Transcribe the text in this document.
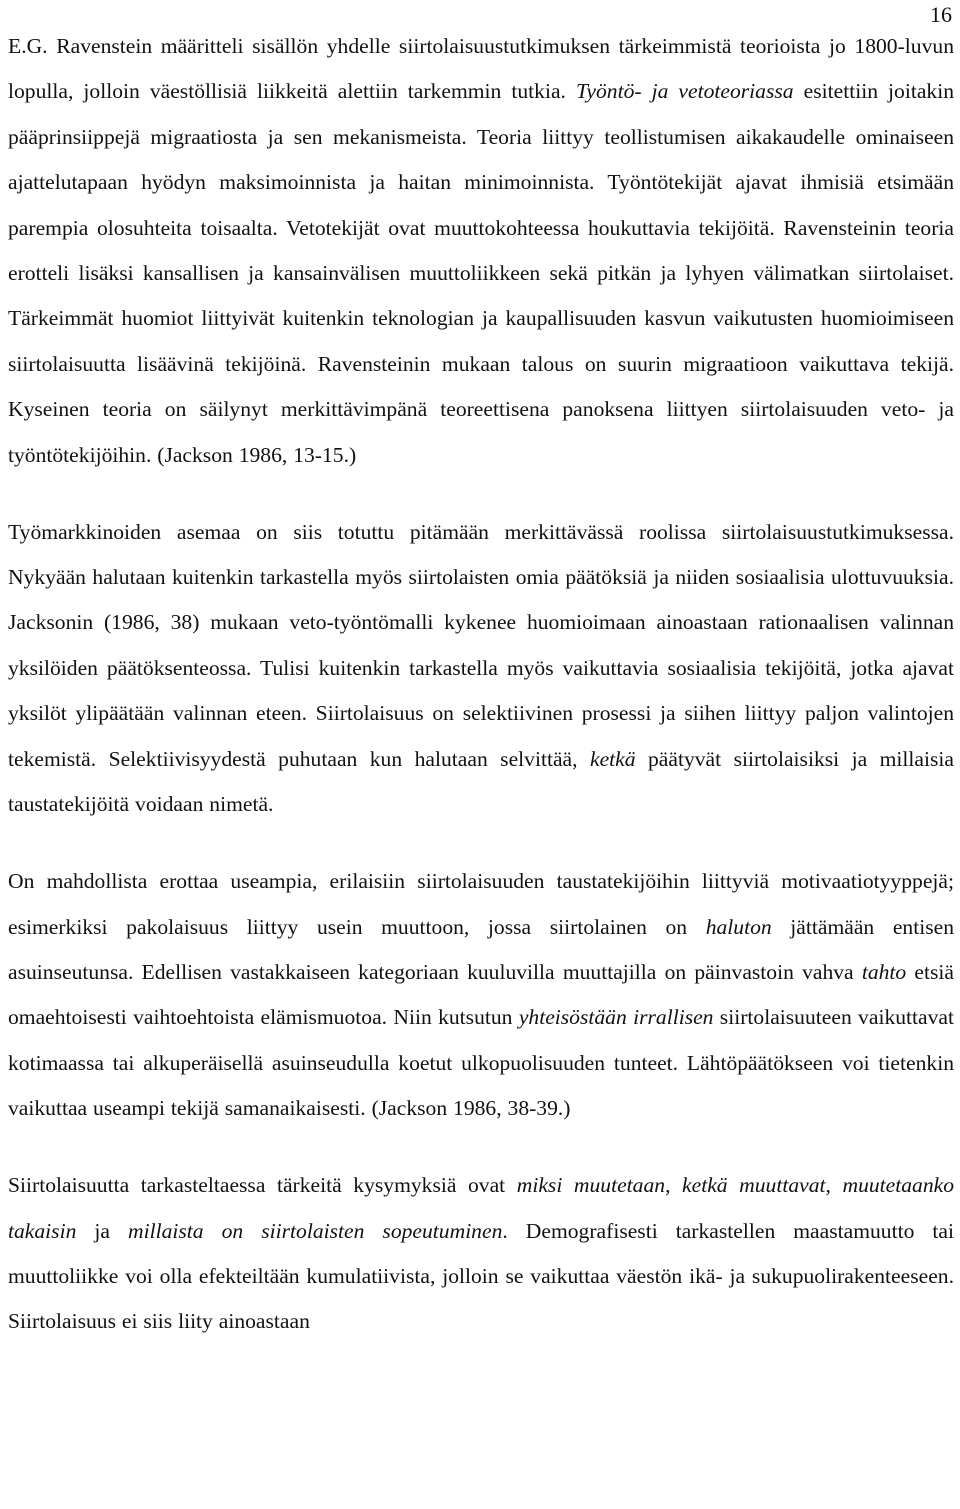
16

E.G. Ravenstein määritteli sisällön yhdelle siirtolaisuustutkimuksen tärkeimmistä teorioista jo 1800-luvun lopulla, jolloin väestöllisiä liikkeitä alettiin tarkemmin tutkia. Työntö- ja vetoteoriassa esitettiin joitakin pääprinsiippejä migraatiosta ja sen mekanismeista. Teoria liittyy teollistumisen aikakaudelle ominaiseen ajattelutapaan hyödyn maksimoinnista ja haitan minimoinnista. Työntötekijät ajavat ihmisiä etsimään parempia olosuhteita toisaalta. Vetotekijät ovat muuttokohteessa houkuttavia tekijöitä. Ravensteinin teoria erotteli lisäksi kansallisen ja kansainvälisen muuttoliikkeen sekä pitkän ja lyhyen välimatkan siirtolaiset. Tärkeimmät huomiot liittyivät kuitenkin teknologian ja kaupallisuuden kasvun vaikutusten huomioimiseen siirtolaisuutta lisäävinä tekijöinä. Ravensteinin mukaan talous on suurin migraatioon vaikuttava tekijä. Kyseinen teoria on säilynyt merkittävimpänä teoreettisena panoksena liittyen siirtolaisuuden veto- ja työntötekijöihin. (Jackson 1986, 13-15.)

Työmarkkinoiden asemaa on siis totuttu pitämään merkittävässä roolissa siirtolaisuustutkimuksessa. Nykyään halutaan kuitenkin tarkastella myös siirtolaisten omia päätöksiä ja niiden sosiaalisia ulottuvuuksia. Jacksonin (1986, 38) mukaan veto-työntömalli kykenee huomioimaan ainoastaan rationaalisen valinnan yksilöiden päätöksenteossa. Tulisi kuitenkin tarkastella myös vaikuttavia sosiaalisia tekijöitä, jotka ajavat yksilöt ylipäätään valinnan eteen. Siirtolaisuus on selektiivinen prosessi ja siihen liittyy paljon valintojen tekemistä. Selektiivisyydestä puhutaan kun halutaan selvittää, ketkä päätyvät siirtolaisiksi ja millaisia taustatekijöitä voidaan nimetä.

On mahdollista erottaa useampia, erilaisiin siirtolaisuuden taustatekijöihin liittyviä motivaatiotyyppejä; esimerkiksi pakolaisuus liittyy usein muuttoon, jossa siirtolainen on haluton jättämään entisen asuinseutunsa. Edellisen vastakkaiseen kategoriaan kuuluvilla muuttajilla on päinvastoin vahva tahto etsiä omaehtoisesti vaihtoehtoista elämismuotoa. Niin kutsutun yhteisöstään irrallisen siirtolaisuuteen vaikuttavat kotimaassa tai alkuperäisellä asuinseudulla koetut ulkopuolisuuden tunteet. Lähtöpäätökseen voi tietenkin vaikuttaa useampi tekijä samanaikaisesti. (Jackson 1986, 38-39.)

Siirtolaisuutta tarkasteltaessa tärkeitä kysymyksiä ovat miksi muutetaan, ketkä muuttavat, muutetaanko takaisin ja millaista on siirtolaisten sopeutuminen. Demografisesti tarkastellen maastamuutto tai muuttoliikke voi olla efekteiltään kumulatiivista, jolloin se vaikuttaa väestön ikä- ja sukupuolirakenteeseen. Siirtolaisuus ei siis liity ainoastaan
